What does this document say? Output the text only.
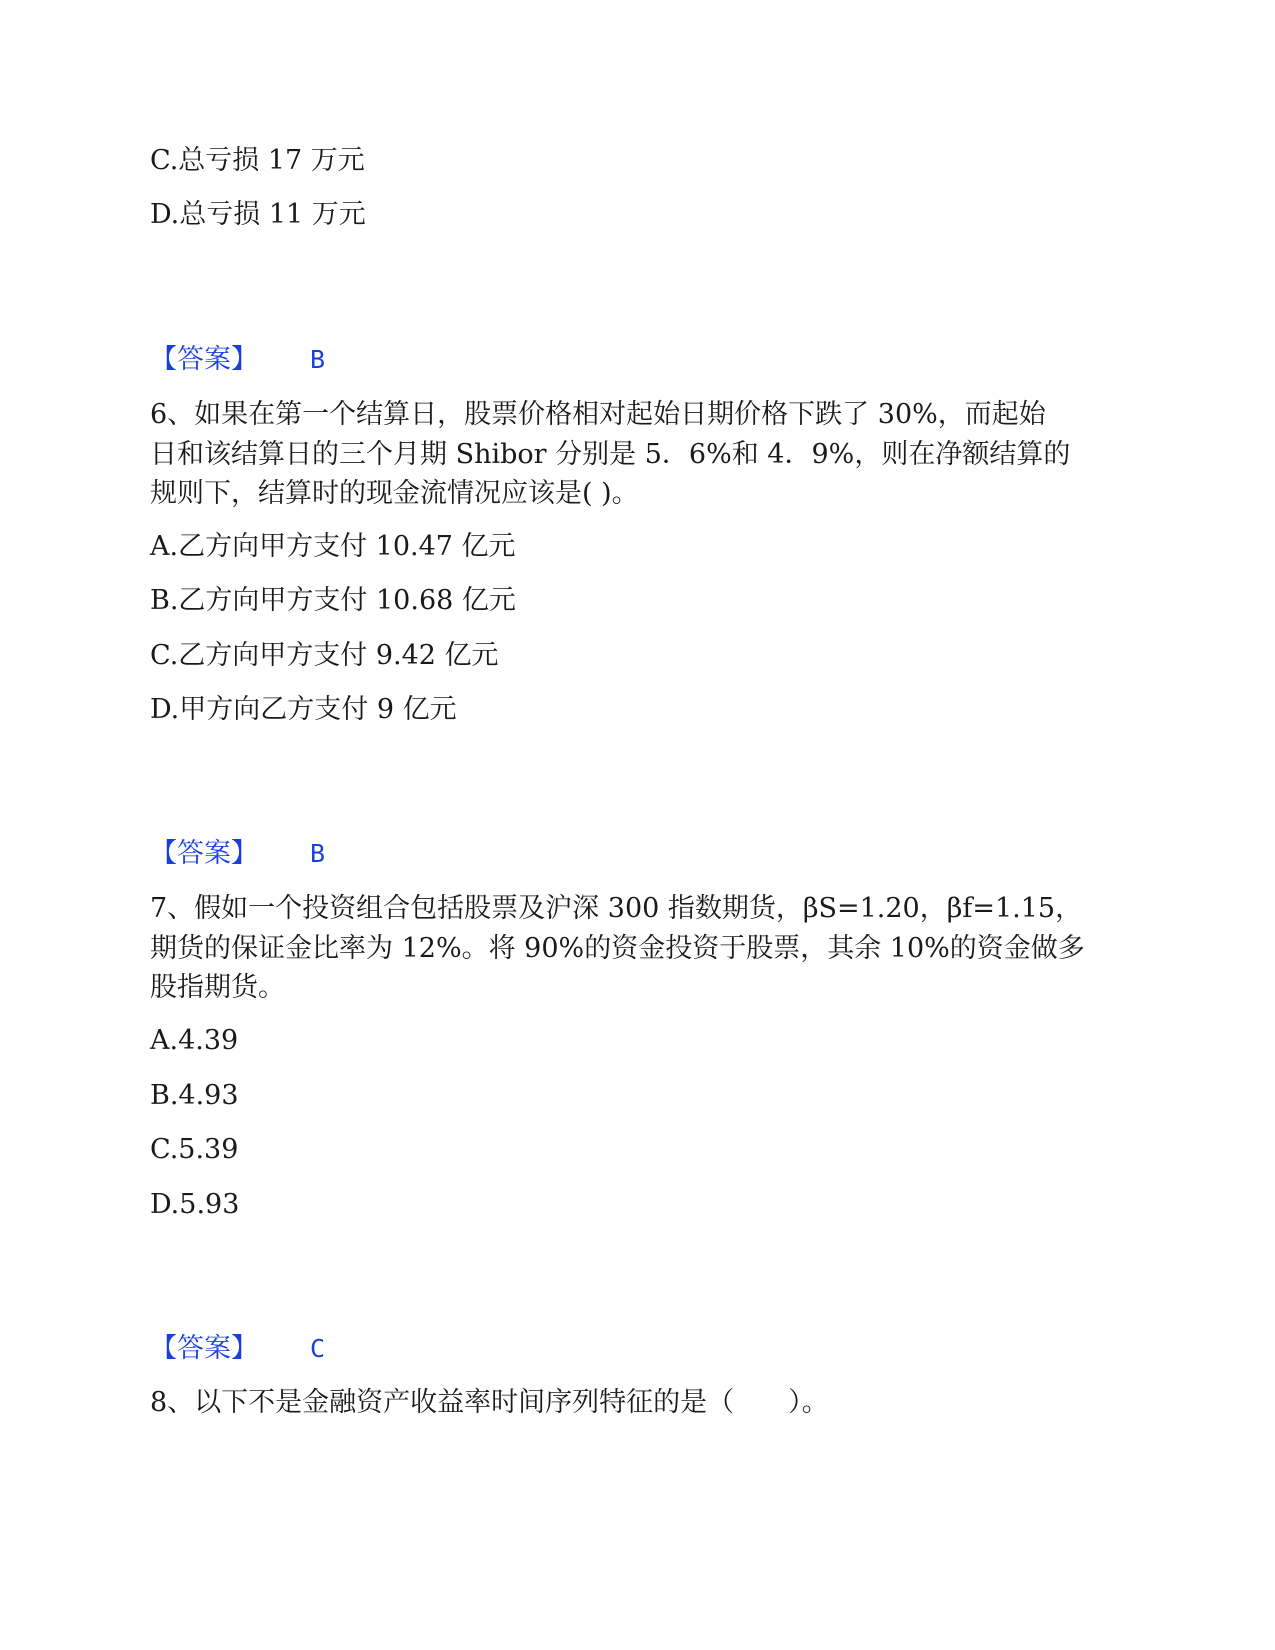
C.总亏损 17 万元
D.总亏损 11 万元
【答案】 B
6、如果在第一个结算日，股票价格相对起始日期价格下跌了 30%，而起始
日和该结算日的三个月期 Shibor 分别是 5．6%和 4．9%，则在净额结算的
规则下，结算时的现金流情况应该是( )。
A.乙方向甲方支付 10.47 亿元
B.乙方向甲方支付 10.68 亿元
C.乙方向甲方支付 9.42 亿元
D.甲方向乙方支付 9 亿元
【答案】 B
7、假如一个投资组合包括股票及沪深 300 指数期货，βS=1.20，βf=1.15，
期货的保证金比率为 12%。将 90%的资金投资于股票，其余 10%的资金做多
股指期货。
A.4.39
B.4.93
C.5.39
D.5.93
【答案】 C
8、以下不是金融资产收益率时间序列特征的是（　　）。
